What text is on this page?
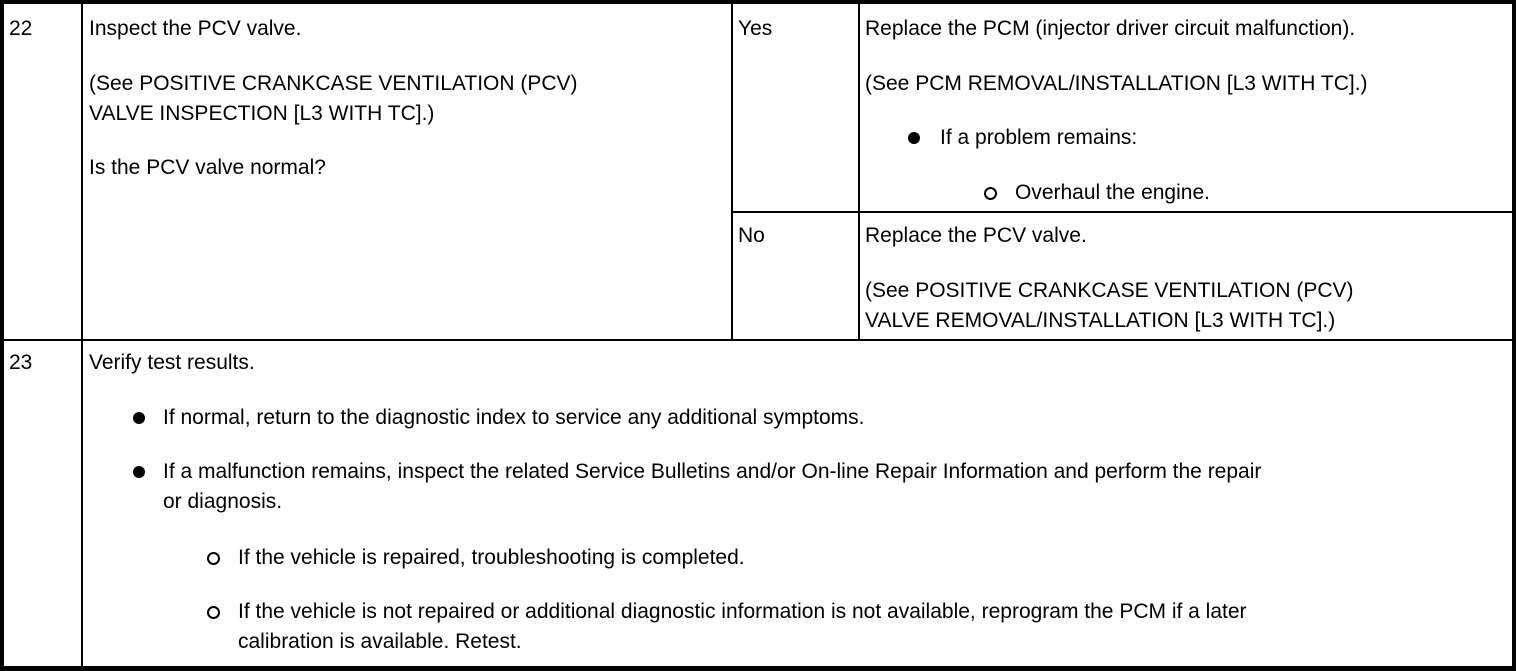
22	Inspect the PCV valve.
(See POSITIVE CRANKCASE VENTILATION (PCV)
VALVE INSPECTION [L3 WITH TC].)
Is the PCV valve normal?
Yes	Replace the PCM (injector driver circuit malfunction).
(See PCM REMOVAL/INSTALLATION [L3 WITH TC].)
If a problem remains:
Overhaul the engine.
No	Replace the PCV valve.
(See POSITIVE CRANKCASE VENTILATION (PCV)
VALVE REMOVAL/INSTALLATION [L3 WITH TC].)
23	Verify test results.
If normal, return to the diagnostic index to service any additional symptoms.
If a malfunction remains, inspect the related Service Bulletins and/or On-line Repair Information and perform the repair
or diagnosis.
If the vehicle is repaired, troubleshooting is completed.
If the vehicle is not repaired or additional diagnostic information is not available, reprogram the PCM if a later
calibration is available. Retest.
